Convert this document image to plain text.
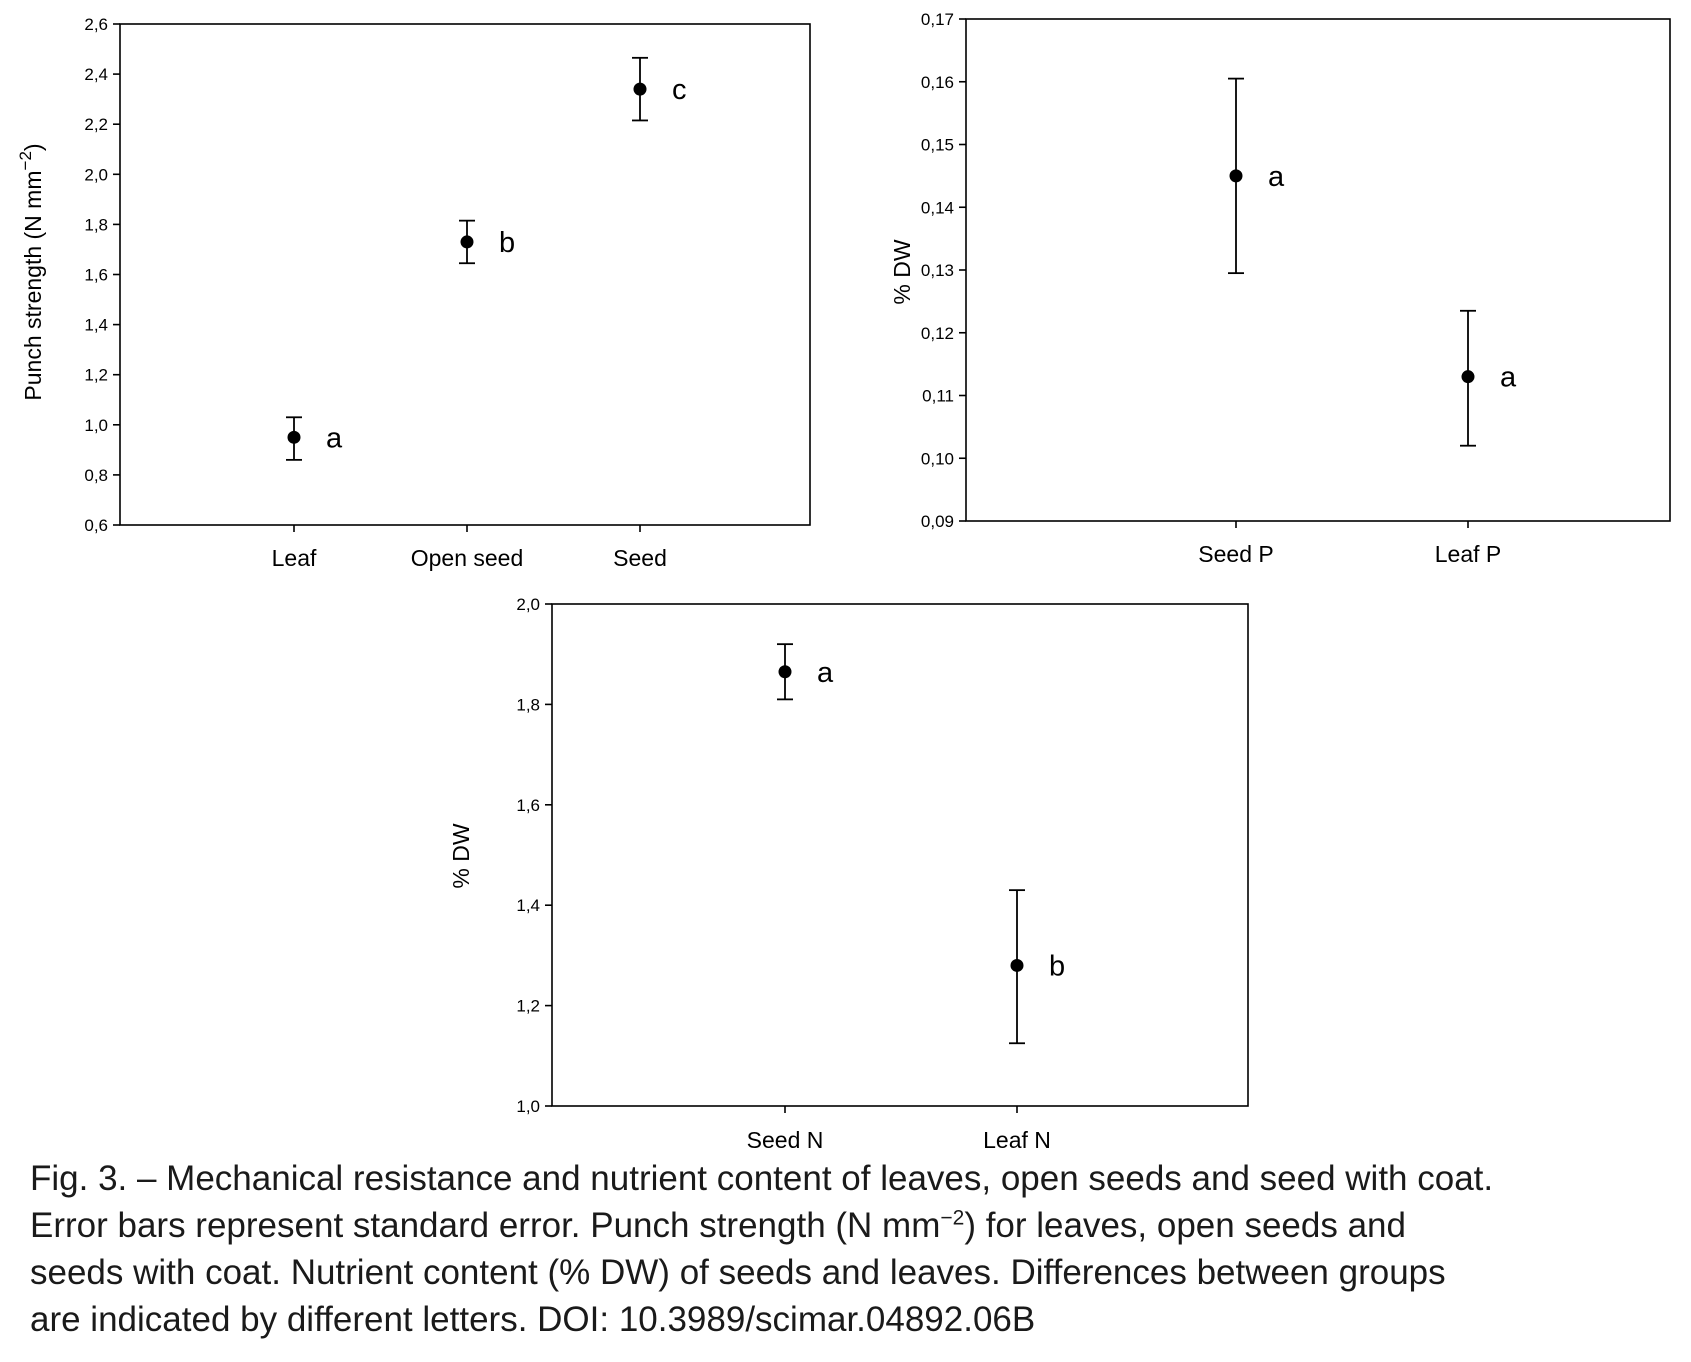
0,6
0,8
1,0
1,2
1,4
1,6
1,8
2,0
2,2
2,4
2,6
Leaf
a
Open seed
b
Seed
c
Punch strength (N $mm^{-2}$)
0,09
0,10
0,11
0,12
0,13
0,14
0,15
0,16
0,17
Seed P
a
Leaf P
a
% DW
1,0
1,2
1,4
1,6
1,8
2,0
Seed N
a
Leaf N
b
% DW

Fig. 3. – Mechanical resistance and nutrient content of leaves, open seeds and seed with coat.

Error bars represent standard error. Punch strength (N $mm^{-2}$) for leaves, open seeds and

seeds with coat. Nutrient content (% DW) of seeds and leaves. Differences between groups

are indicated by different letters. DOI: 10.3989/scimar.04892.06B
